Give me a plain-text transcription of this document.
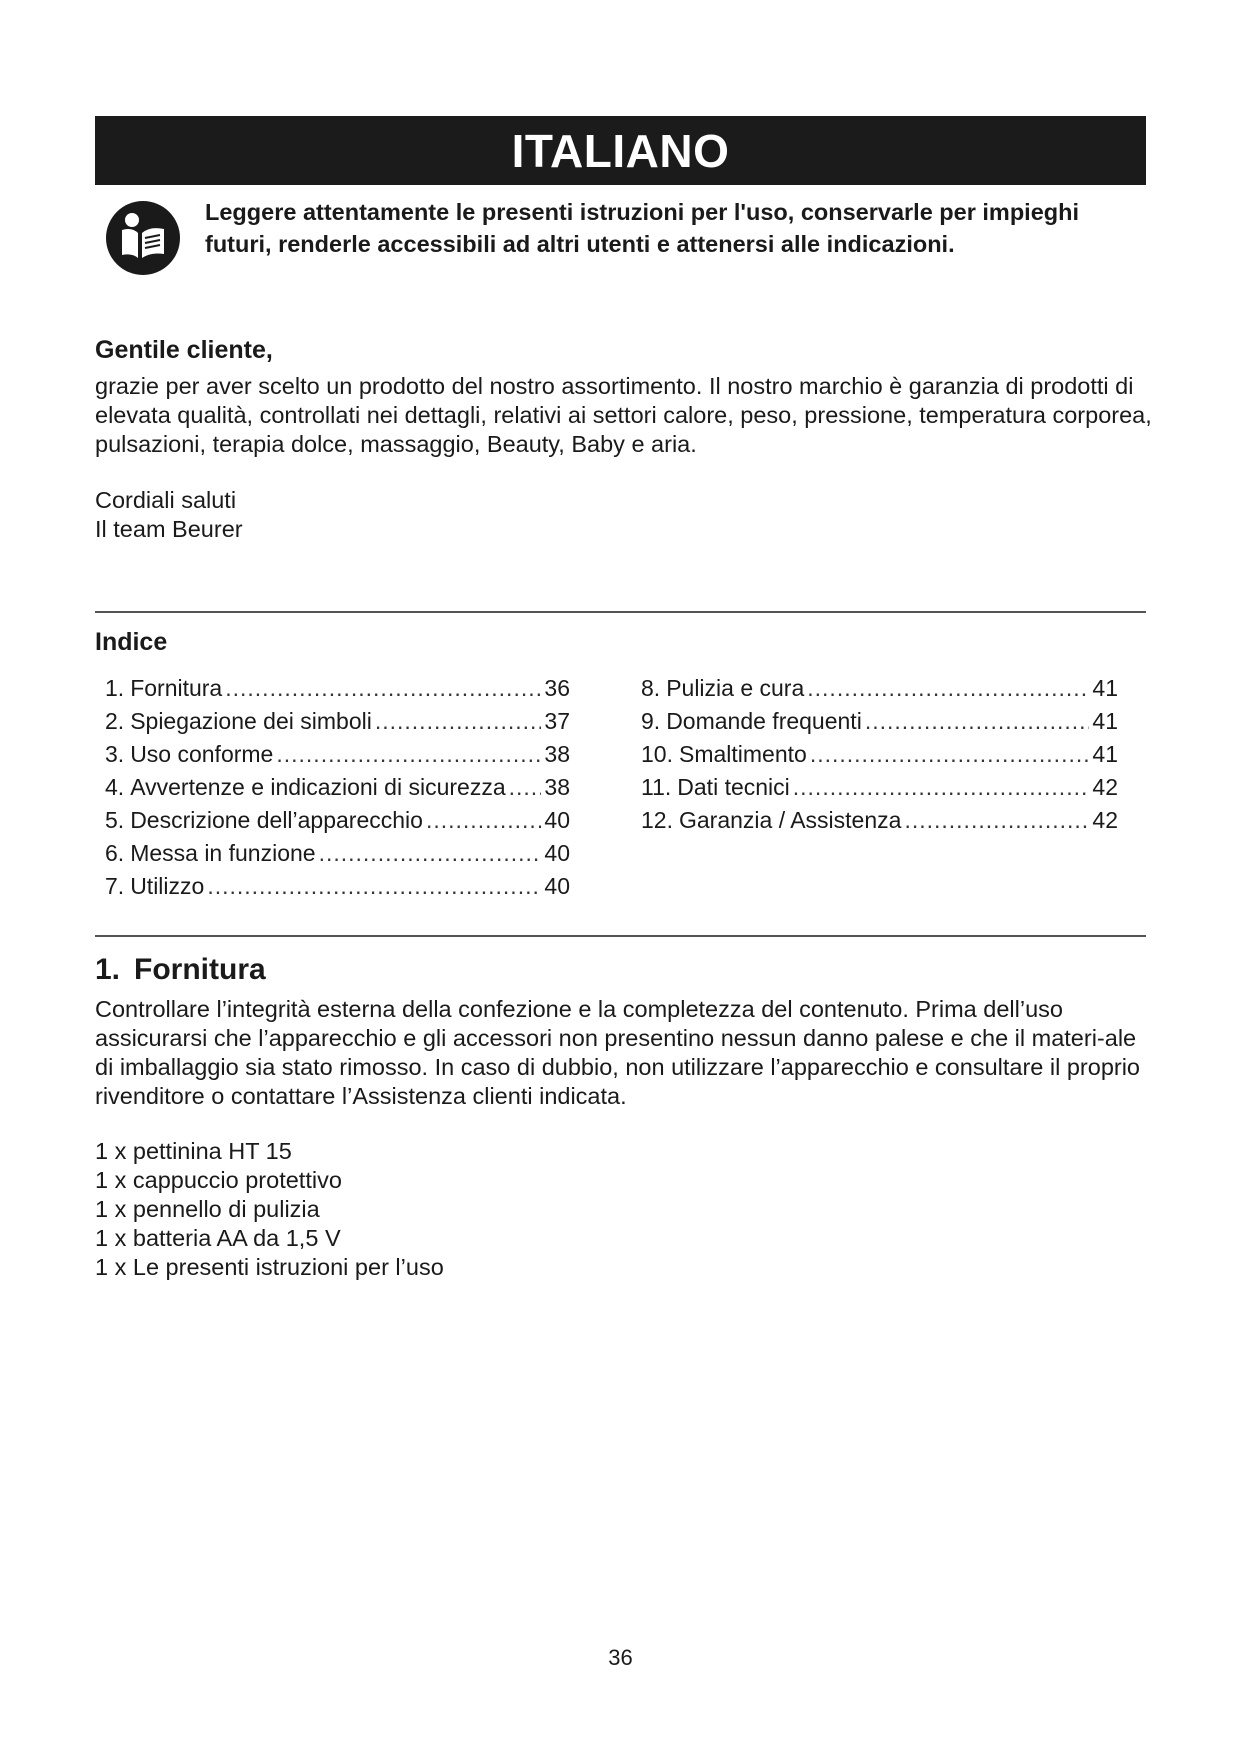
ITALIANO
Leggere attentamente le presenti istruzioni per l'uso, conservarle per impieghi futuri, renderle accessibili ad altri utenti e attenersi alle indicazioni.
Gentile cliente,
grazie per aver scelto un prodotto del nostro assortimento. Il nostro marchio è garanzia di prodotti di elevata qualità, controllati nei dettagli, relativi ai settori calore, peso, pressione, temperatura corporea, pulsazioni, terapia dolce, massaggio, Beauty, Baby e aria.
Cordiali saluti
Il team Beurer
Indice
1. Fornitura .....	36
2. Spiegazione dei simboli .....	37
3. Uso conforme .....	38
4. Avvertenze e indicazioni di sicurezza ..... 38
5. Descrizione dell’apparecchio .....	40
6. Messa in funzione .....	40
7. Utilizzo .....	40
8. Pulizia e cura .....	41
9. Domande frequenti .....	41
10. Smaltimento .....	41
11. Dati tecnici .....	42
12. Garanzia / Assistenza .....	42
1. Fornitura
Controllare l’integrità esterna della confezione e la completezza del contenuto. Prima dell’uso assicurarsi che l’apparecchio e gli accessori non presentino nessun danno palese e che il materi-ale di imballaggio sia stato rimosso. In caso di dubbio, non utilizzare l’apparecchio e consultare il proprio rivenditore o contattare l’Assistenza clienti indicata.
1 x pettinina HT 15
1 x cappuccio protettivo
1 x pennello di pulizia
1 x batteria AA da 1,5 V
1 x Le presenti istruzioni per l’uso
36
